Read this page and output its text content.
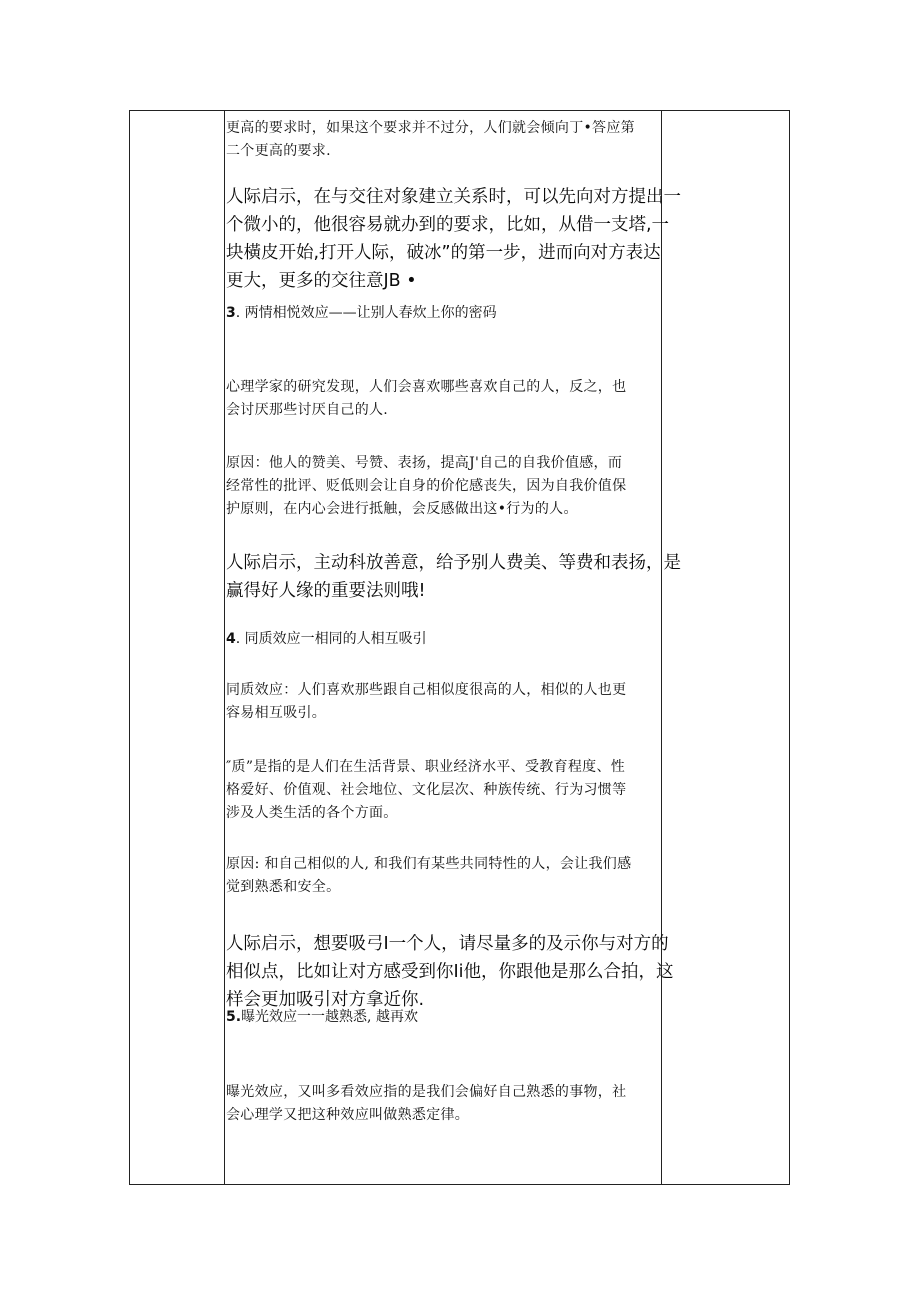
更高的要求时，如果这个要求并不过分，人们就会倾向丁•答应第
二个更高的要求.

人际启示，在与交往对象建立关系时，可以先向对方提出一
个微小的，他很容易就办到的要求，比如，从借一支塔,一
块橫皮开始,打开人际，破冰”的第一步，进而向对方表达
更大，更多的交往意JB •

3. 两情相悦效应——让别人春炊上你的密码

心理学家的研究发现，人们会喜欢哪些喜欢自己的人，反之，也
会讨厌那些讨厌自己的人.

原因：他人的赞美、号赞、表扬，提高J'自己的自我价值感，而
经常性的批评、贬低则会让自身的价佗感丧失，因为自我价值保
护原则，在内心会进行抵触，会反感做出这•行为的人。

人际启示，主动科放善意，给予别人费美、等费和表扬，是
赢得好人缘的重要法则哦!

4. 同质效应一相同的人相互吸引

同质效应：人们喜欢那些跟自己相似度很高的人，相似的人也更
容易相互吸引。

″质”是指的是人们在生活背景、职业经济水平、受教育程度、性
格爱好、价值观、社会地位、文化层次、种族传统、行为习惯等
涉及人类生活的各个方面。

原因: 和自己相似的人, 和我们有某些共同特性的人，会让我们感
觉到熟悉和安全。

人际启示，想要吸弓I一个人，请尽量多的及示你与对方的
相似点，比如让对方感受到你Ii他，你跟他是那么合拍，这
样会更加吸引对方拿近你.

5.曝光效应一一越熟悉, 越再欢

曝光效应，又叫多看效应指的是我们会偏好自己熟悉的事物，社
会心理学又把这种效应叫做熟悉定律。
